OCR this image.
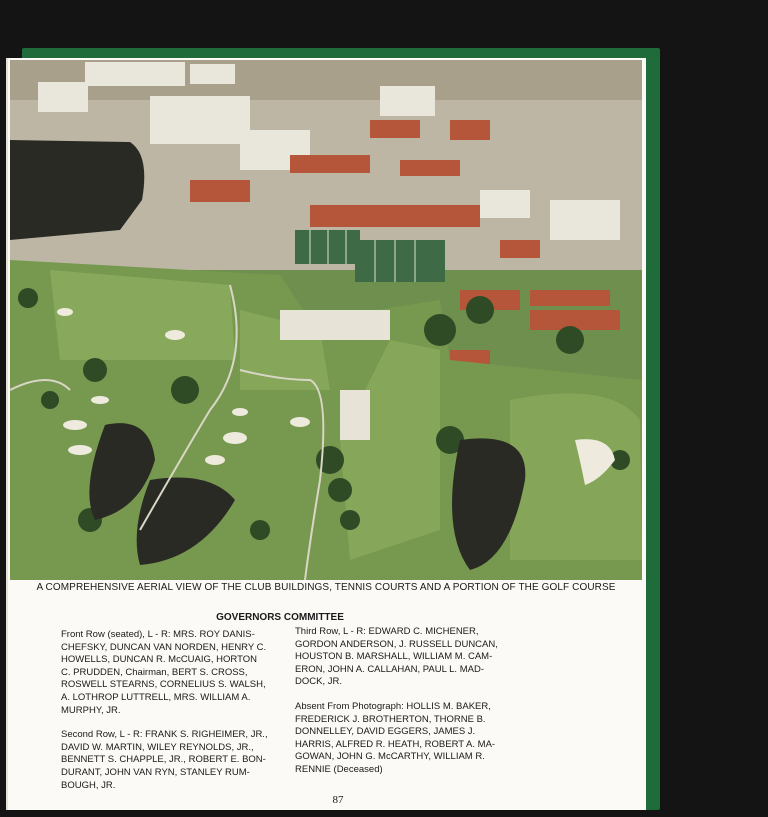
A COMPREHENSIVE AERIAL VIEW OF THE CLUB BUILDINGS, TENNIS COURTS AND A PORTION OF THE GOLF COURSE
GOVERNORS COMMITTEE

Front Row (seated), L - R: MRS. ROY DANIS-CHEFSKY, DUNCAN VAN NORDEN, HENRY C. HOWELLS, DUNCAN R. McCUAIG, HORTON C. PRUDDEN, Chairman, BERT S. CROSS, ROSWELL STEARNS, CORNELIUS S. WALSH, A. LOTHROP LUTTRELL, MRS. WILLIAM A. MURPHY, JR.

Second Row, L - R: FRANK S. RIGHEIMER, JR., DAVID W. MARTIN, WILEY REYNOLDS, JR., BENNETT S. CHAPPLE, JR., ROBERT E. BON-DURANT, JOHN VAN RYN, STANLEY RUM-BOUGH, JR.

Third Row, L - R: EDWARD C. MICHENER, GORDON ANDERSON, J. RUSSELL DUNCAN, HOUSTON B. MARSHALL, WILLIAM M. CAM-ERON, JOHN A. CALLAHAN, PAUL L. MAD-DOCK, JR.

Absent From Photograph: HOLLIS M. BAKER, FREDERICK J. BROTHERTON, THORNE B. DONNELLEY, DAVID EGGERS, JAMES J. HARRIS, ALFRED R. HEATH, ROBERT A. MA-GOWAN, JOHN G. McCARTHY, WILLIAM R. RENNIE (Deceased)

87
